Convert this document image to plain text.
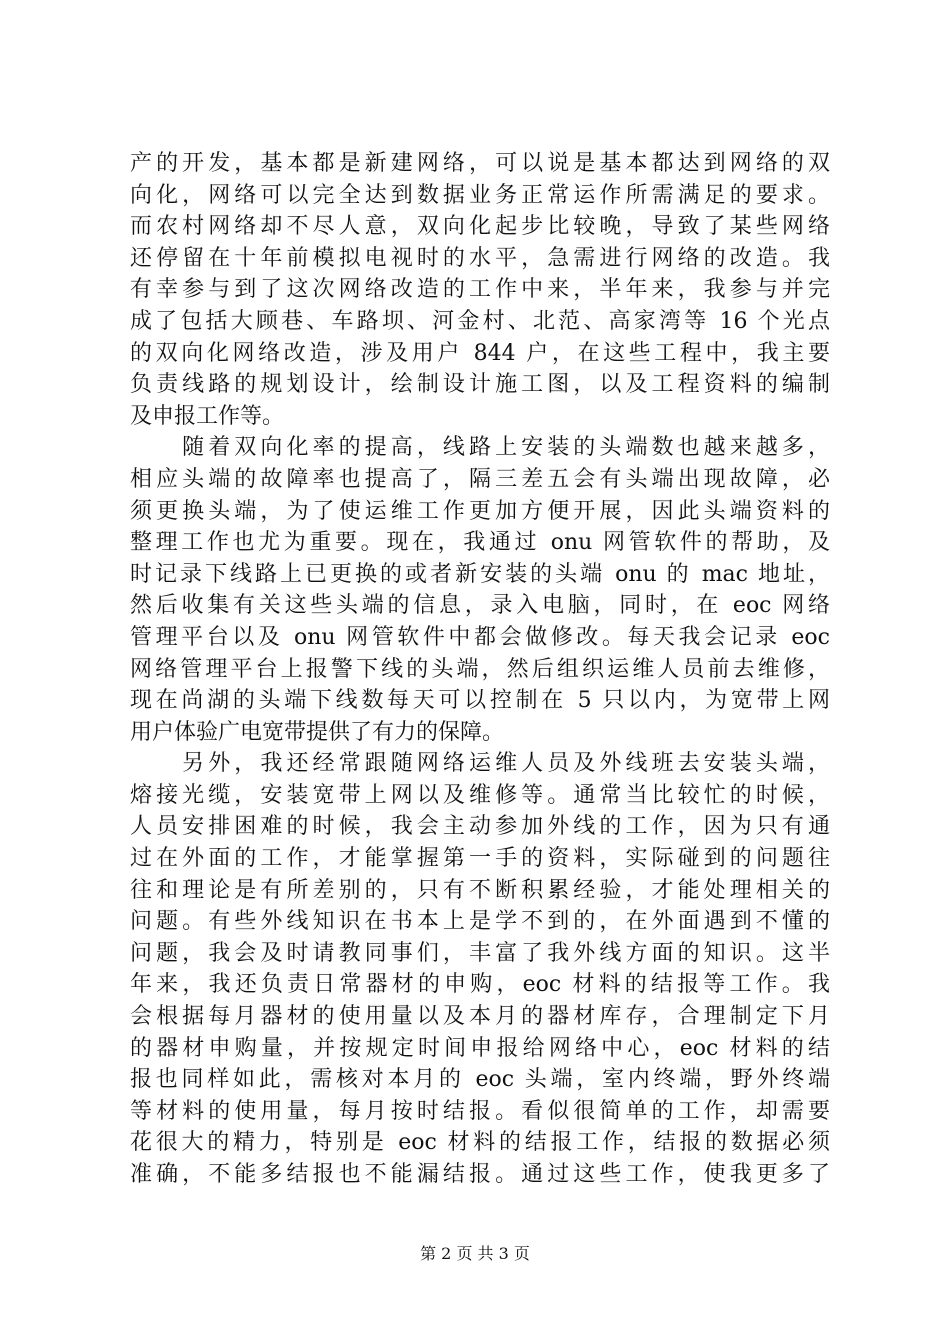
产的开发，基本都是新建网络，可以说是基本都达到网络的双
向化，网络可以完全达到数据业务正常运作所需满足的要求。
而农村网络却不尽人意，双向化起步比较晚，导致了某些网络
还停留在十年前模拟电视时的水平，急需进行网络的改造。我
有幸参与到了这次网络改造的工作中来，半年来，我参与并完
成了包括大顾巷、车路坝、河金村、北范、高家湾等 16 个光点
的双向化网络改造，涉及用户 844 户，在这些工程中，我主要
负责线路的规划设计，绘制设计施工图，以及工程资料的编制
及申报工作等。
　　随着双向化率的提高，线路上安装的头端数也越来越多，
相应头端的故障率也提高了，隔三差五会有头端出现故障，必
须更换头端，为了使运维工作更加方便开展，因此头端资料的
整理工作也尤为重要。现在，我通过 onu 网管软件的帮助，及
时记录下线路上已更换的或者新安装的头端 onu 的 mac 地址，
然后收集有关这些头端的信息，录入电脑，同时，在 eoc 网络
管理平台以及 onu 网管软件中都会做修改。每天我会记录 eoc
网络管理平台上报警下线的头端，然后组织运维人员前去维修，
现在尚湖的头端下线数每天可以控制在 5 只以内，为宽带上网
用户体验广电宽带提供了有力的保障。
　　另外，我还经常跟随网络运维人员及外线班去安装头端，
熔接光缆，安装宽带上网以及维修等。通常当比较忙的时候，
人员安排困难的时候，我会主动参加外线的工作，因为只有通
过在外面的工作，才能掌握第一手的资料，实际碰到的问题往
往和理论是有所差别的，只有不断积累经验，才能处理相关的
问题。有些外线知识在书本上是学不到的，在外面遇到不懂的
问题，我会及时请教同事们，丰富了我外线方面的知识。这半
年来，我还负责日常器材的申购，eoc 材料的结报等工作。我
会根据每月器材的使用量以及本月的器材库存，合理制定下月
的器材申购量，并按规定时间申报给网络中心，eoc 材料的结
报也同样如此，需核对本月的 eoc 头端，室内终端，野外终端
等材料的使用量，每月按时结报。看似很简单的工作，却需要
花很大的精力，特别是 eoc 材料的结报工作，结报的数据必须
准确，不能多结报也不能漏结报。通过这些工作，使我更多了
第 2 页 共 3 页
